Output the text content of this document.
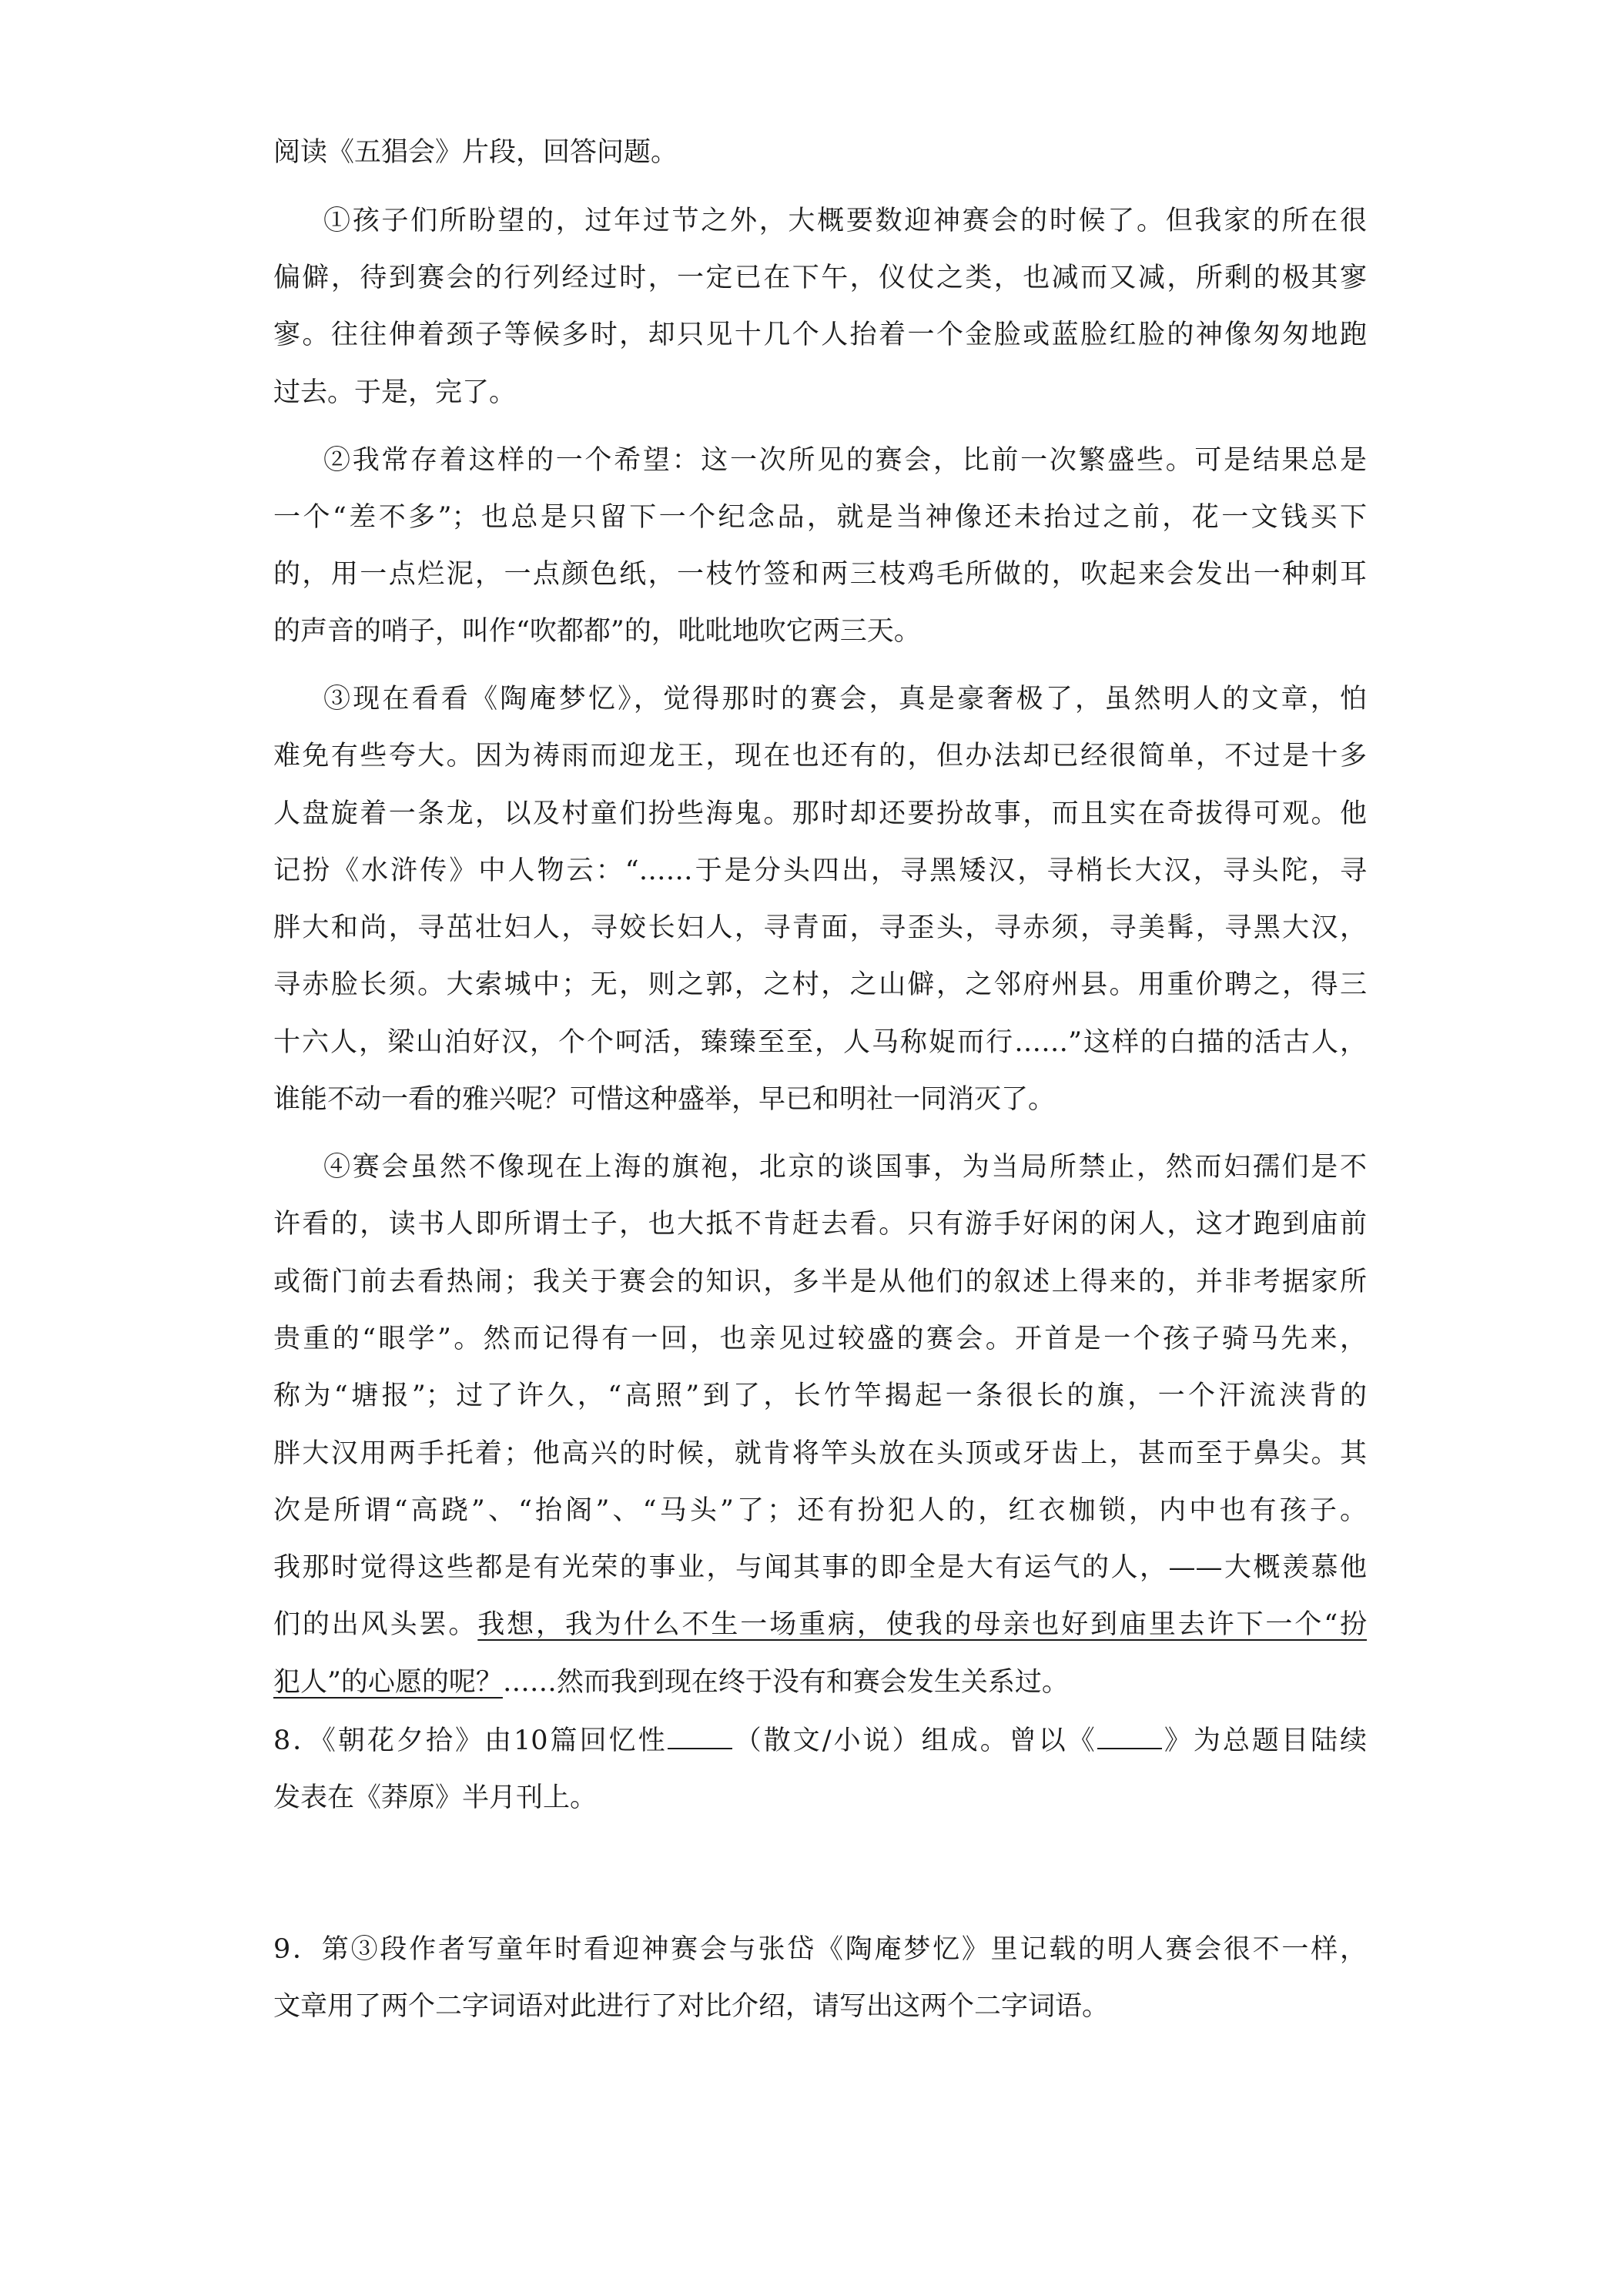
阅读《五猖会》片段，回答问题。
①孩子们所盼望的，过年过节之外，大概要数迎神赛会的时候了。但我家的所在很
偏僻，待到赛会的行列经过时，一定已在下午，仪仗之类，也减而又减，所剩的极其寥
寥。往往伸着颈子等候多时，却只见十几个人抬着一个金脸或蓝脸红脸的神像匆匆地跑
过去。于是，完了。
②我常存着这样的一个希望：这一次所见的赛会，比前一次繁盛些。可是结果总是
一个“差不多”；也总是只留下一个纪念品，就是当神像还未抬过之前，花一文钱买下
的，用一点烂泥，一点颜色纸，一枝竹签和两三枝鸡毛所做的，吹起来会发出一种刺耳
的声音的哨子，叫作“吹都都”的，吡吡地吹它两三天。
③现在看看《陶庵梦忆》，觉得那时的赛会，真是豪奢极了，虽然明人的文章，怕
难免有些夸大。因为祷雨而迎龙王，现在也还有的，但办法却已经很简单，不过是十多
人盘旋着一条龙，以及村童们扮些海鬼。那时却还要扮故事，而且实在奇拔得可观。他
记扮《水浒传》中人物云：“……于是分头四出，寻黑矮汉，寻梢长大汉，寻头陀，寻
胖大和尚，寻茁壮妇人，寻姣长妇人，寻青面，寻歪头，寻赤须，寻美髯，寻黑大汉，
寻赤脸长须。大索城中；无，则之郭，之村，之山僻，之邻府州县。用重价聘之，得三
十六人，梁山泊好汉，个个呵活，臻臻至至，人马称娖而行……”这样的白描的活古人，
谁能不动一看的雅兴呢？可惜这种盛举，早已和明社一同消灭了。
④赛会虽然不像现在上海的旗袍，北京的谈国事，为当局所禁止，然而妇孺们是不
许看的，读书人即所谓士子，也大抵不肯赶去看。只有游手好闲的闲人，这才跑到庙前
或衙门前去看热闹；我关于赛会的知识，多半是从他们的叙述上得来的，并非考据家所
贵重的“眼学”。然而记得有一回，也亲见过较盛的赛会。开首是一个孩子骑马先来，
称为“塘报”；过了许久，“高照”到了，长竹竿揭起一条很长的旗，一个汗流浃背的
胖大汉用两手托着；他高兴的时候，就肯将竿头放在头顶或牙齿上，甚而至于鼻尖。其
次是所谓“高跷”、“抬阁”、“马头”了；还有扮犯人的，红衣枷锁，内中也有孩子。
我那时觉得这些都是有光荣的事业，与闻其事的即全是大有运气的人，——大概羡慕他
们的出风头罢。我想，我为什么不生一场重病，使我的母亲也好到庙里去许下一个“扮
犯人”的心愿的呢？……然而我到现在终于没有和赛会发生关系过。
8．《朝花夕拾》由10篇回忆性 （散文/小说）组成。曾以《 》为总题目陆续
发表在《莽原》半月刊上。
9．第③段作者写童年时看迎神赛会与张岱《陶庵梦忆》里记载的明人赛会很不一样，
文章用了两个二字词语对此进行了对比介绍，请写出这两个二字词语。
